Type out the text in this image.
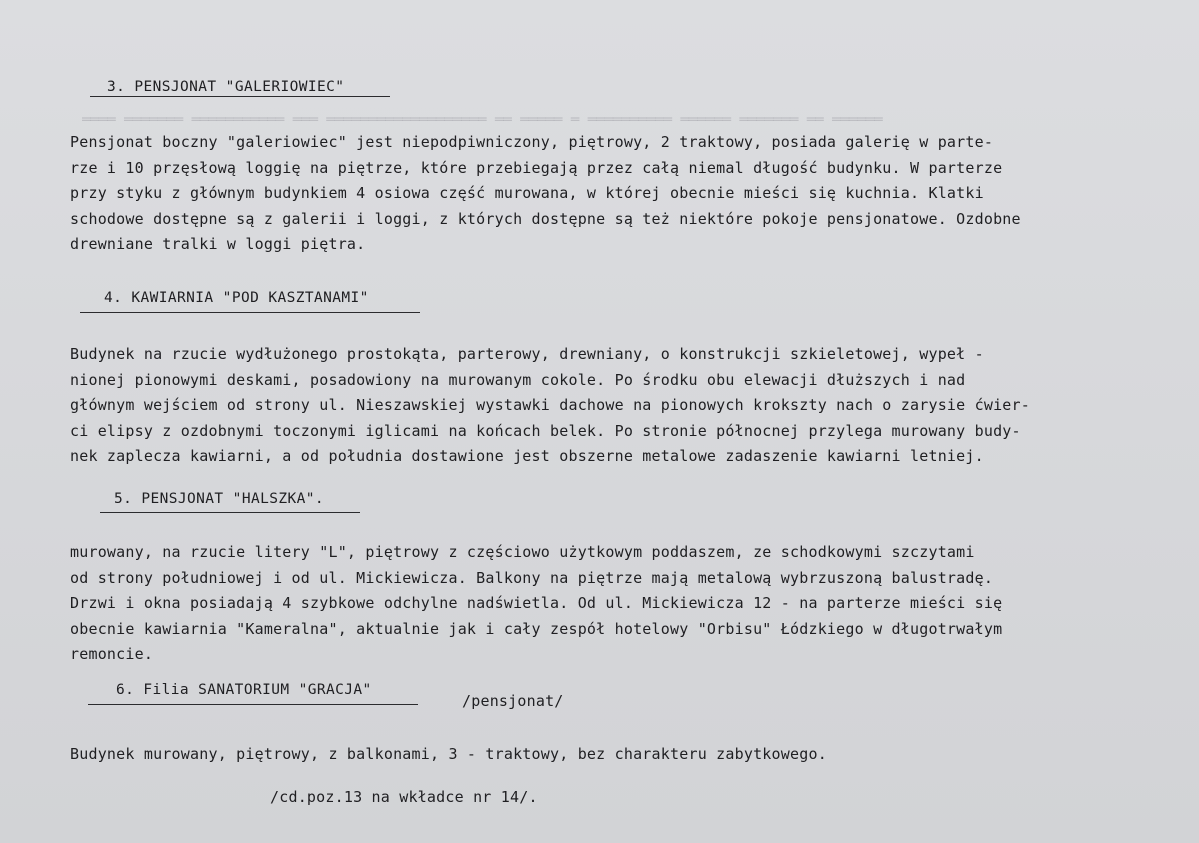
════ ═══════ ═══════════ ═══ ═══════════════════ ══ ═════ ═ ══════════ ══════ ═══════ ══ ══════
3. PENSJONAT "GALERIOWIEC"
Pensjonat boczny "galeriowiec" jest niepodpiwniczony, piętrowy, 2 traktowy, posiada galerię w parte-
rze i 10 przęsłową loggię na piętrze, które przebiegają przez całą niemal długość budynku. W parterze
przy styku z głównym budynkiem 4 osiowa część murowana, w której obecnie mieści się kuchnia. Klatki
schodowe dostępne są z galerii i loggi, z których dostępne są też niektóre pokoje pensjonatowe. Ozdobne
drewniane tralki w loggi piętra.
4. KAWIARNIA "POD KASZTANAMI"
Budynek na rzucie wydłużonego prostokąta, parterowy, drewniany, o konstrukcji szkieletowej, wypeł -
nionej pionowymi deskami, posadowiony na murowanym cokole. Po środku obu elewacji dłuższych i nad
głównym wejściem od strony ul. Nieszawskiej wystawki dachowe na pionowych krokszty nach o zarysie ćwier-
ci elipsy z ozdobnymi toczonymi iglicami na końcach belek. Po stronie północnej przylega murowany budy-
nek zaplecza kawiarni, a od południa dostawione jest obszerne metalowe zadaszenie kawiarni letniej.
5. PENSJONAT "HALSZKA".
murowany, na rzucie litery "L", piętrowy z częściowo użytkowym poddaszem, ze schodkowymi szczytami
od strony południowej i od ul. Mickiewicza. Balkony na piętrze mają metalową wybrzuszoną balustradę.
Drzwi i okna posiadają 4 szybkowe odchylne nadświetla. Od ul. Mickiewicza 12 - na parterze mieści się
obecnie kawiarnia "Kameralna", aktualnie jak i cały zespół hotelowy "Orbisu" Łódzkiego w długotrwałym
remoncie.
6. Filia SANATORIUM "GRACJA"
/pensjonat/
Budynek murowany, piętrowy, z balkonami, 3 - traktowy, bez charakteru zabytkowego.
/cd.poz.13 na wkładce nr 14/.
